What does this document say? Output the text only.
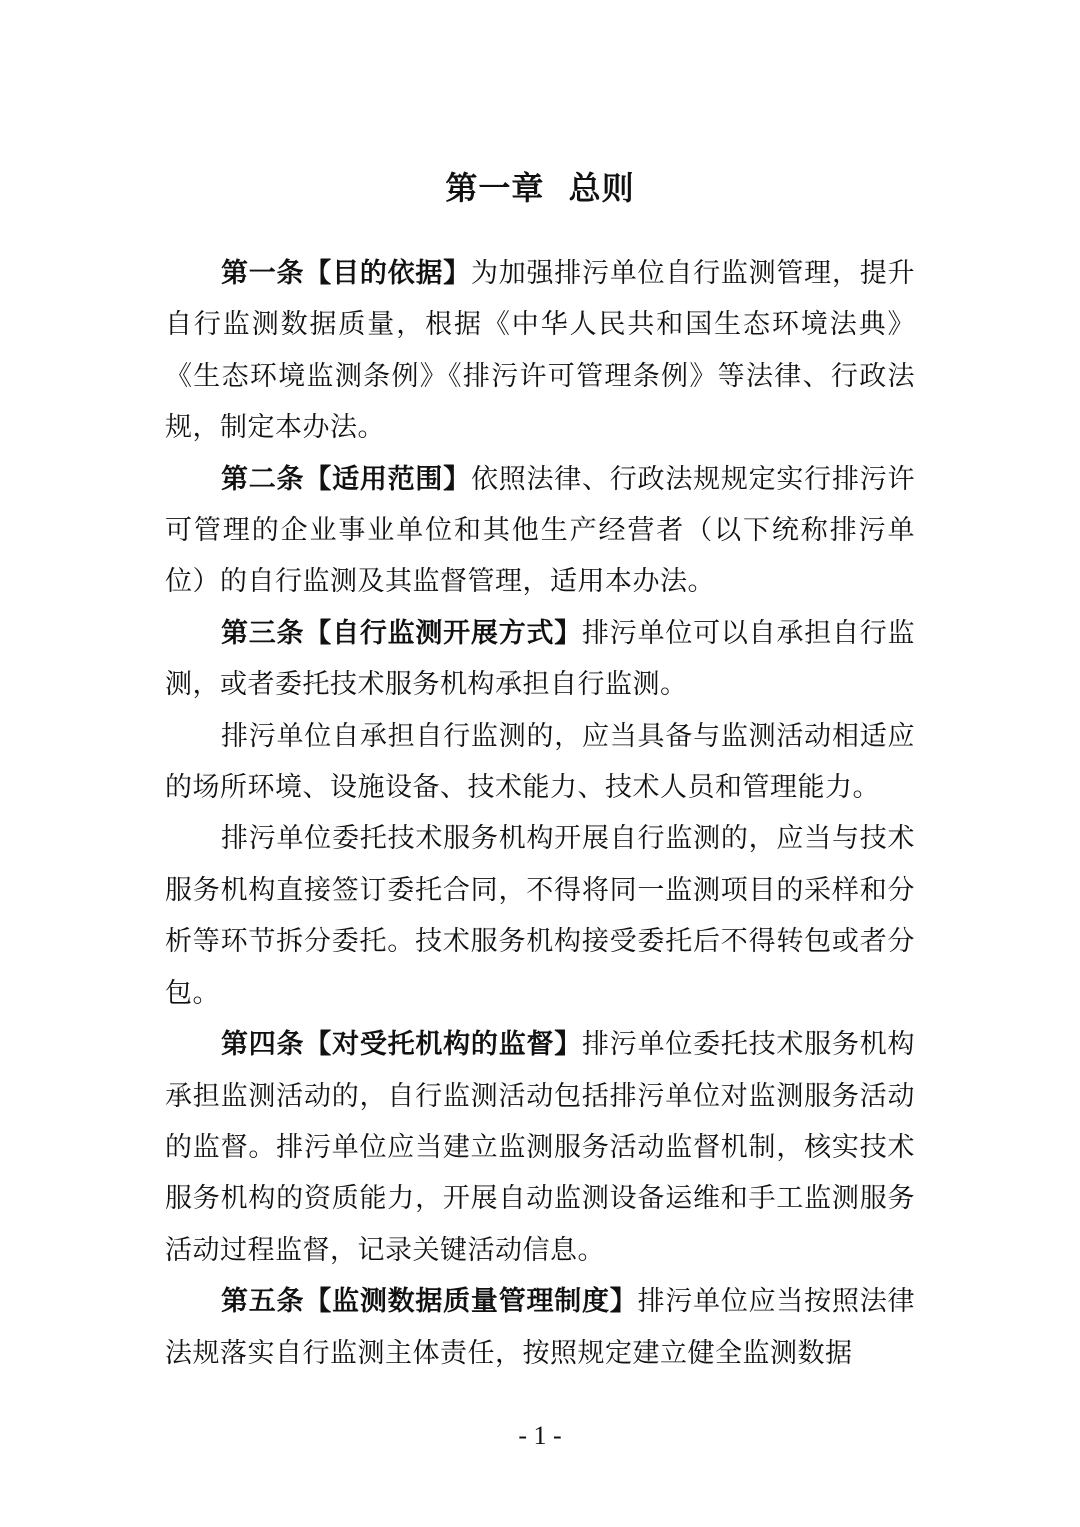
第一章  总则

第一条【目的依据】为加强排污单位自行监测管理，提升自行监测数据质量，根据《中华人民共和国生态环境法典》《生态环境监测条例》《排污许可管理条例》等法律、行政法规，制定本办法。

第二条【适用范围】依照法律、行政法规规定实行排污许可管理的企业事业单位和其他生产经营者（以下统称排污单位）的自行监测及其监督管理，适用本办法。

第三条【自行监测开展方式】排污单位可以自承担自行监测，或者委托技术服务机构承担自行监测。

排污单位自承担自行监测的，应当具备与监测活动相适应的场所环境、设施设备、技术能力、技术人员和管理能力。

排污单位委托技术服务机构开展自行监测的，应当与技术服务机构直接签订委托合同，不得将同一监测项目的采样和分析等环节拆分委托。技术服务机构接受委托后不得转包或者分包。

第四条【对受托机构的监督】排污单位委托技术服务机构承担监测活动的，自行监测活动包括排污单位对监测服务活动的监督。排污单位应当建立监测服务活动监督机制，核实技术服务机构的资质能力，开展自动监测设备运维和手工监测服务活动过程监督，记录关键活动信息。

第五条【监测数据质量管理制度】排污单位应当按照法律法规落实自行监测主体责任，按照规定建立健全监测数据

- 1 -
